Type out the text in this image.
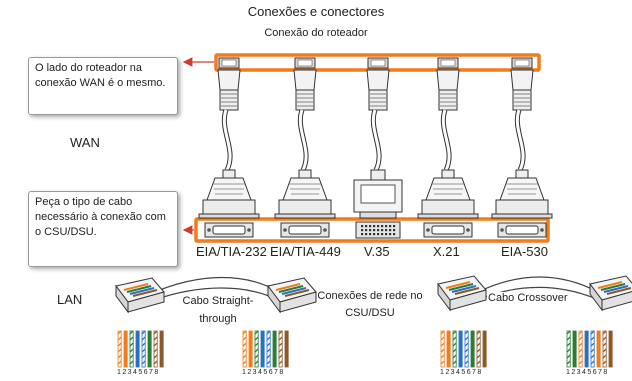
Conexões e conectores
Conexão do roteador
O lado do roteador na conexão WAN é o mesmo.
Peça o tipo de cabo necessário à conexão com o CSU/DSU.
WAN
LAN
EIA/TIA-232 EIA/TIA-449 V.35	X.21	EIA-530
Cabo Straight-through
Conexões de rede no CSU/DSU
Cabo Crossover
1 2 3 4 5 6 7 8	1 2 3 4 5 6 7 8	1 2 3 4 5 6 7 8	1 2 3 4 5 6 7 8
